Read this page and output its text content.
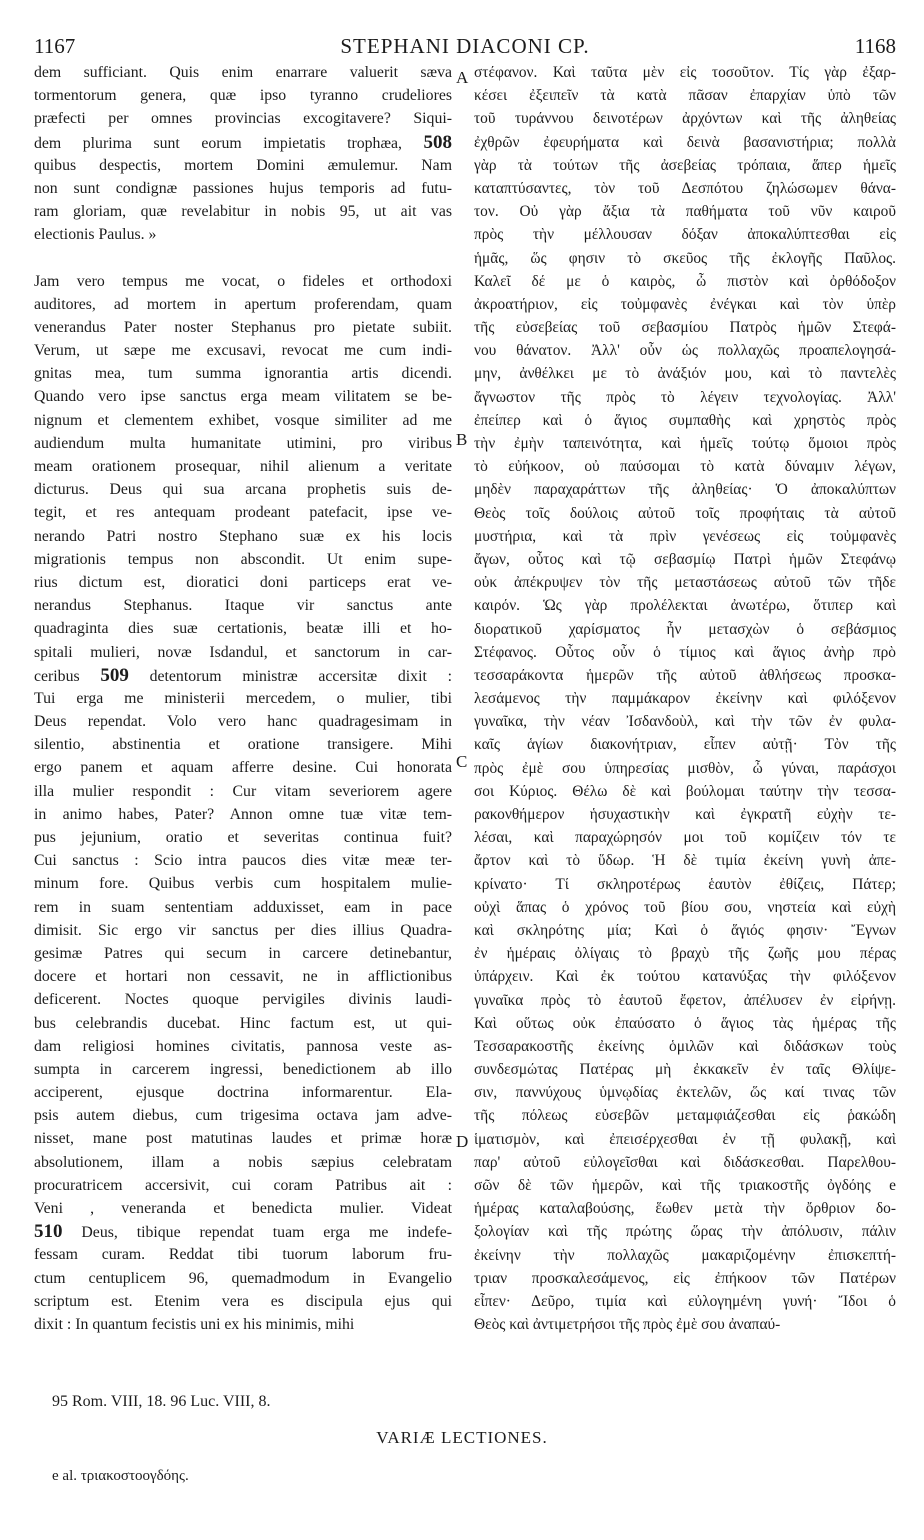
1167	STEPHANI DIACONI CP.	1168
dem sufficiant. Quis enim enarrare valuerit sæva
tormentorum genera, quæ ipso tyranno crudeliores
præfecti per omnes provincias excogitavere? Siqui-
dem plurima sunt eorum impietatis trophæa, 508
quibus despectis, mortem Domini æmulemur. Nam
non sunt condignæ passiones hujus temporis ad futu-
ram gloriam, quæ revelabitur in nobis 95, ut ait vas
electionis Paulus. »
Jam vero tempus me vocat, o fideles et orthodoxi
auditores, ad mortem in apertum proferendam, quam
venerandus Pater noster Stephanus pro pietate subiit.
Verum, ut sæpe me excusavi, revocat me cum indi-
gnitas mea, tum summa ignorantia artis dicendi.
Quando vero ipse sanctus erga meam vilitatem se be-
nignum et clementem exhibet, vosque similiter ad me
audiendum multa humanitate utimini, pro viribus
meam orationem prosequar, nihil alienum a veritate
dicturus. Deus qui sua arcana prophetis suis de-
tegit, et res antequam prodeant patefacit, ipse ve-
nerando Patri nostro Stephano suæ ex his locis
migrationis tempus non abscondit. Ut enim supe-
rius dictum est, dioratici doni particeps erat ve-
nerandus Stephanus. Itaque vir sanctus ante
quadraginta dies suæ certationis, beatæ illi et ho-
spitali mulieri, novæ Isdandul, et sanctorum in car-
ceribus 509 detentorum ministræ accersitæ dixit :
Tui erga me ministerii mercedem, o mulier, tibi
Deus rependat. Volo vero hanc quadragesimam in
silentio, abstinentia et oratione transigere. Mihi
ergo panem et aquam afferre desine. Cui honorata
illa mulier respondit : Cur vitam severiorem agere
in animo habes, Pater? Annon omne tuæ vitæ tem-
pus jejunium, oratio et severitas continua fuit?
Cui sanctus : Scio intra paucos dies vitæ meæ ter-
minum fore. Quibus verbis cum hospitalem mulie-
rem in suam sententiam adduxisset, eam in pace
dimisit. Sic ergo vir sanctus per dies illius Quadra-
gesimæ Patres qui secum in carcere detinebantur,
docere et hortari non cessavit, ne in afflictionibus
deficerent. Noctes quoque pervigiles divinis laudi-
bus celebrandis ducebat. Hinc factum est, ut qui-
dam religiosi homines civitatis, pannosa veste as-
sumpta in carcerem ingressi, benedictionem ab illo
acciperent, ejusque doctrina informarentur. Ela-
psis autem diebus, cum trigesima octava jam adve-
nisset, mane post matutinas laudes et primæ horæ
absolutionem, illam a nobis sæpius celebratam
procuratricem accersivit, cui coram Patribus ait :
Veni , veneranda et benedicta mulier. Videat
510 Deus, tibique rependat tuam erga me indefe-
fessam curam. Reddat tibi tuorum laborum fru-
ctum centuplicem 96, quemadmodum in Evangelio
scriptum est. Etenim vera es discipula ejus qui
dixit : In quantum fecistis uni ex his minimis, mihi
στέφανον. Καὶ ταῦτα μὲν εἰς τοσοῦτον. Τίς γὰρ ἐξαρ-
κέσει ἐξειπεῖν τὰ κατὰ πᾶσαν ἐπαρχίαν ὑπὸ τῶν
τοῦ τυράννου δεινοτέρων ἀρχόντων καὶ τῆς ἀληθείας
ἐχθρῶν ἐφευρήματα καὶ δεινὰ βασανιστήρια; πολλὰ
γὰρ τὰ τούτων τῆς ἀσεβείας τρόπαια, ἅπερ ἡμεῖς
καταπτύσαντες, τὸν τοῦ Δεσπότου ζηλώσωμεν θάνα-
τον. Οὐ γὰρ ἄξια τὰ παθήματα τοῦ νῦν καιροῦ
πρὸς τὴν μέλλουσαν δόξαν ἀποκαλύπτεσθαι εἰς
ἡμᾶς, ὥς φησιν τὸ σκεῦος τῆς ἐκλογῆς Παῦλος.
Καλεῖ δέ με ὁ καιρὸς, ὦ πιστὸν καὶ ὀρθόδοξον
ἀκροατήριον, εἰς τοὐμφανὲς ἐνέγκαι καὶ τὸν ὑπὲρ
τῆς εὐσεβείας τοῦ σεβασμίου Πατρὸς ἡμῶν Στεφά-
νου θάνατον. Ἀλλ' οὖν ὡς πολλαχῶς προαπελογησά-
μην, ἀνθέλκει με τὸ ἀνάξιόν μου, καὶ τὸ παντελὲς
ἄγνωστον τῆς πρὸς τὸ λέγειν τεχνολογίας. Ἀλλ'
ἐπείπερ καὶ ὁ ἅγιος συμπαθὴς καὶ χρηστὸς πρὸς
τὴν ἐμὴν ταπεινότητα, καὶ ἡμεῖς τούτῳ ὅμοιοι πρὸς
τὸ εὐήκοον, οὐ παύσομαι τὸ κατὰ δύναμιν λέγων,
μηδὲν παραχαράττων τῆς ἀληθείας· Ὁ ἀποκαλύπτων
Θεὸς τοῖς δούλοις αὐτοῦ τοῖς προφήταις τὰ αὐτοῦ
μυστήρια, καὶ τὰ πρὶν γενέσεως εἰς τοὐμφανὲς
ἄγων, οὗτος καὶ τῷ σεβασμίῳ Πατρὶ ἡμῶν Στεφάνῳ
οὐκ ἀπέκρυψεν τὸν τῆς μεταστάσεως αὐτοῦ τῶν τῆδε
καιρόν. Ὡς γὰρ προλέλεκται ἀνωτέρω, ὅτιπερ καὶ
διορατικοῦ χαρίσματος ἦν μετασχὼν ὁ σεβάσμιος
Στέφανος. Οὗτος οὖν ὁ τίμιος καὶ ἅγιος ἀνὴρ πρὸ
τεσσαράκοντα ἡμερῶν τῆς αὐτοῦ ἀθλήσεως προσκα-
λεσάμενος τὴν παμμάκαρον ἐκείνην καὶ φιλόξενον
γυναῖκα, τὴν νέαν Ἰσδανδοὺλ, καὶ τὴν τῶν ἐν φυλα-
καῖς ἁγίων διακονήτριαν, εἶπεν αὐτῇ· Τὸν τῆς
πρὸς ἐμὲ σου ὑπηρεσίας μισθὸν, ὦ γύναι, παράσχοι
σοι Κύριος. Θέλω δὲ καὶ βούλομαι ταύτην τὴν τεσσα-
ρακονθήμερον ἡσυχαστικὴν καὶ ἐγκρατῆ εὐχὴν τε-
λέσαι, καὶ παραχώρησόν μοι τοῦ κομίζειν τόν τε
ἄρτον καὶ τὸ ὕδωρ. Ἡ δὲ τιμία ἐκείνη γυνὴ ἀπε-
κρίνατο· Τί σκληροτέρως ἑαυτὸν ἐθίζεις, Πάτερ;
οὐχὶ ἅπας ὁ χρόνος τοῦ βίου σου, νηστεία καὶ εὐχὴ
καὶ σκληρότης μία; Καὶ ὁ ἅγιός φησιν· Ἔγνων
ἐν ἡμέραις ὀλίγαις τὸ βραχὺ τῆς ζωῆς μου πέρας
ὑπάρχειν. Καὶ ἐκ τούτου κατανύξας τὴν φιλόξενον
γυναῖκα πρὸς τὸ ἑαυτοῦ ἔφετον, ἀπέλυσεν ἐν εἰρήνῃ.
Καὶ οὕτως οὐκ ἐπαύσατο ὁ ἅγιος τὰς ἡμέρας τῆς
Τεσσαρακοστῆς ἐκείνης ὁμιλῶν καὶ διδάσκων τοὺς
συνδεσμώτας Πατέρας μὴ ἐκκακεῖν ἐν ταῖς Θλίψε-
σιν, παννύχους ὑμνῳδίας ἐκτελῶν, ὥς καί τινας τῶν
τῆς πόλεως εὐσεβῶν μεταμφιάζεσθαι εἰς ῥακώδη
ἱματισμὸν, καὶ ἐπεισέρχεσθαι ἐν τῇ φυλακῇ, καὶ
παρ' αὐτοῦ εὐλογεῖσθαι καὶ διδάσκεσθαι. Παρελθου-
σῶν δὲ τῶν ἡμερῶν, καὶ τῆς τριακοστῆς ὀγδόης e
ἡμέρας καταλαβούσης, ἕωθεν μετὰ τὴν ὄρθριον δο-
ξολογίαν καὶ τῆς πρώτης ὥρας τὴν ἀπόλυσιν, πάλιν
ἐκείνην τὴν πολλαχῶς μακαριζομένην ἐπισκεπτή-
τριαν προσκαλεσάμενος, εἰς ἐπήκοον τῶν Πατέρων
εἶπεν· Δεῦρο, τιμία καὶ εὐλογημένη γυνή· Ἴδοι ὁ
Θεὸς καὶ ἀντιμετρήσοι τῆς πρὸς ἐμὲ σου ἀναπαύ-
A
B
C
D
95 Rom. VIII, 18. 96 Luc. VIII, 8.
VARIÆ LECTIONES.
e al. τριακοστοογδόης.
